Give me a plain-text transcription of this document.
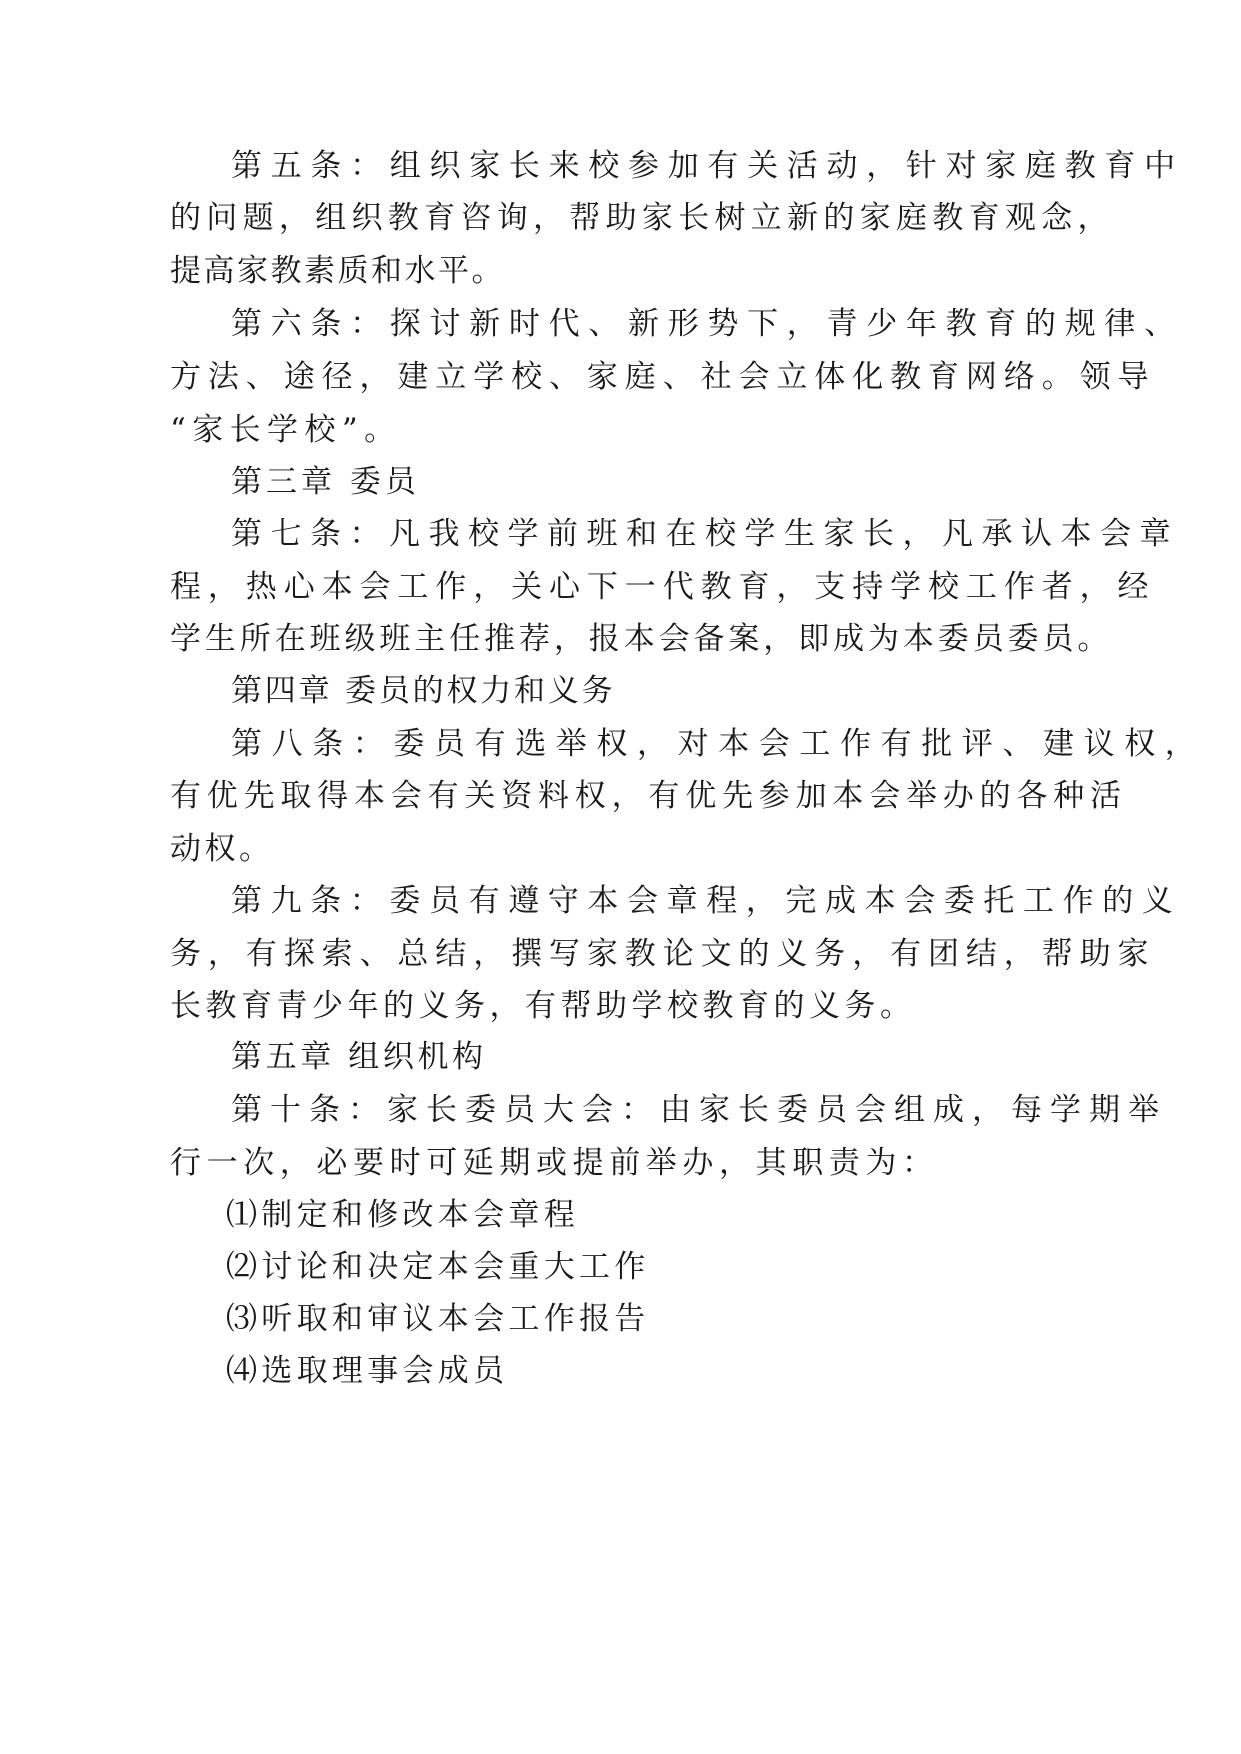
第五条：组织家长来校参加有关活动，针对家庭教育中

的问题，组织教育咨询，帮助家长树立新的家庭教育观念，

提高家教素质和水平。

第六条：探讨新时代、新形势下，青少年教育的规律、

方法、途径，建立学校、家庭、社会立体化教育网络。领导

“家长学校”。

第三章 委员

第七条：凡我校学前班和在校学生家长，凡承认本会章

程，热心本会工作，关心下一代教育，支持学校工作者，经

学生所在班级班主任推荐，报本会备案，即成为本委员委员。

第四章 委员的权力和义务

第八条：委员有选举权，对本会工作有批评、建议权，

有优先取得本会有关资料权，有优先参加本会举办的各种活

动权。

第九条：委员有遵守本会章程，完成本会委托工作的义

务，有探索、总结，撰写家教论文的义务，有团结，帮助家

长教育青少年的义务，有帮助学校教育的义务。

第五章 组织机构

第十条：家长委员大会：由家长委员会组成，每学期举

行一次，必要时可延期或提前举办，其职责为：

⑴制定和修改本会章程

⑵讨论和决定本会重大工作

⑶听取和审议本会工作报告

⑷选取理事会成员
